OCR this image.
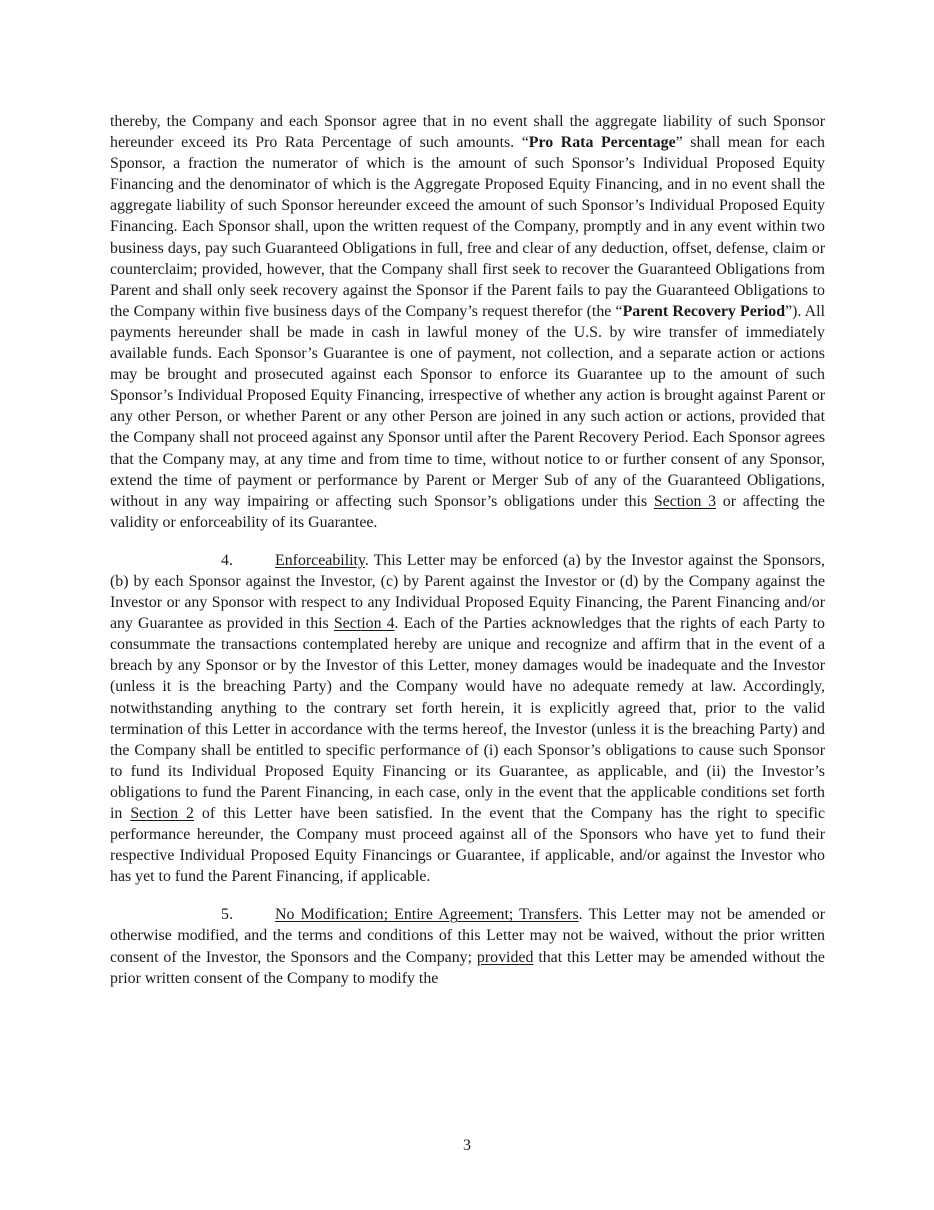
thereby, the Company and each Sponsor agree that in no event shall the aggregate liability of such Sponsor hereunder exceed its Pro Rata Percentage of such amounts. “Pro Rata Percentage” shall mean for each Sponsor, a fraction the numerator of which is the amount of such Sponsor’s Individual Proposed Equity Financing and the denominator of which is the Aggregate Proposed Equity Financing, and in no event shall the aggregate liability of such Sponsor hereunder exceed the amount of such Sponsor’s Individual Proposed Equity Financing. Each Sponsor shall, upon the written request of the Company, promptly and in any event within two business days, pay such Guaranteed Obligations in full, free and clear of any deduction, offset, defense, claim or counterclaim; provided, however, that the Company shall first seek to recover the Guaranteed Obligations from Parent and shall only seek recovery against the Sponsor if the Parent fails to pay the Guaranteed Obligations to the Company within five business days of the Company’s request therefor (the “Parent Recovery Period”). All payments hereunder shall be made in cash in lawful money of the U.S. by wire transfer of immediately available funds. Each Sponsor’s Guarantee is one of payment, not collection, and a separate action or actions may be brought and prosecuted against each Sponsor to enforce its Guarantee up to the amount of such Sponsor’s Individual Proposed Equity Financing, irrespective of whether any action is brought against Parent or any other Person, or whether Parent or any other Person are joined in any such action or actions, provided that the Company shall not proceed against any Sponsor until after the Parent Recovery Period. Each Sponsor agrees that the Company may, at any time and from time to time, without notice to or further consent of any Sponsor, extend the time of payment or performance by Parent or Merger Sub of any of the Guaranteed Obligations, without in any way impairing or affecting such Sponsor’s obligations under this Section 3 or affecting the validity or enforceability of its Guarantee.

4.	Enforceability. This Letter may be enforced (a) by the Investor against the Sponsors, (b) by each Sponsor against the Investor, (c) by Parent against the Investor or (d) by the Company against the Investor or any Sponsor with respect to any Individual Proposed Equity Financing, the Parent Financing and/or any Guarantee as provided in this Section 4. Each of the Parties acknowledges that the rights of each Party to consummate the transactions contemplated hereby are unique and recognize and affirm that in the event of a breach by any Sponsor or by the Investor of this Letter, money damages would be inadequate and the Investor (unless it is the breaching Party) and the Company would have no adequate remedy at law. Accordingly, notwithstanding anything to the contrary set forth herein, it is explicitly agreed that, prior to the valid termination of this Letter in accordance with the terms hereof, the Investor (unless it is the breaching Party) and the Company shall be entitled to specific performance of (i) each Sponsor’s obligations to cause such Sponsor to fund its Individual Proposed Equity Financing or its Guarantee, as applicable, and (ii) the Investor’s obligations to fund the Parent Financing, in each case, only in the event that the applicable conditions set forth in Section 2 of this Letter have been satisfied. In the event that the Company has the right to specific performance hereunder, the Company must proceed against all of the Sponsors who have yet to fund their respective Individual Proposed Equity Financings or Guarantee, if applicable, and/or against the Investor who has yet to fund the Parent Financing, if applicable.

5.	No Modification; Entire Agreement; Transfers. This Letter may not be amended or otherwise modified, and the terms and conditions of this Letter may not be waived, without the prior written consent of the Investor, the Sponsors and the Company; provided that this Letter may be amended without the prior written consent of the Company to modify the

3
